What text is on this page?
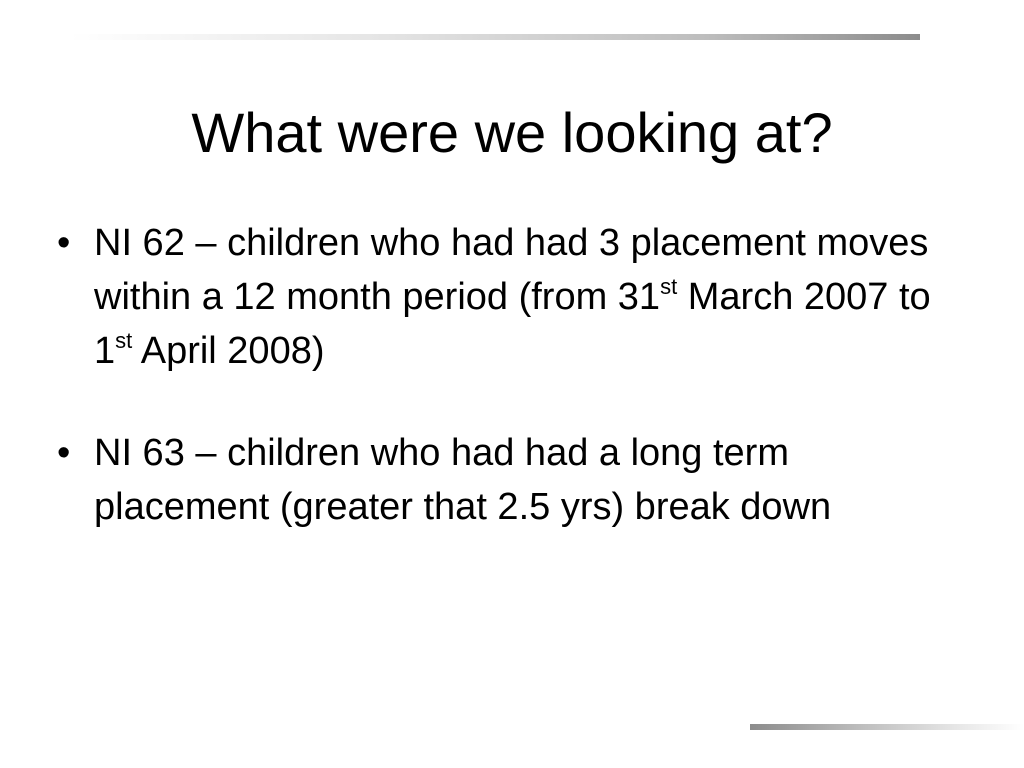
What were we looking at?
• NI 62 – children who had had 3 placement moves within a 12 month period (from 31st March 2007 to 1st April 2008)
• NI 63 – children who had had a long term placement (greater that 2.5 yrs) break down
